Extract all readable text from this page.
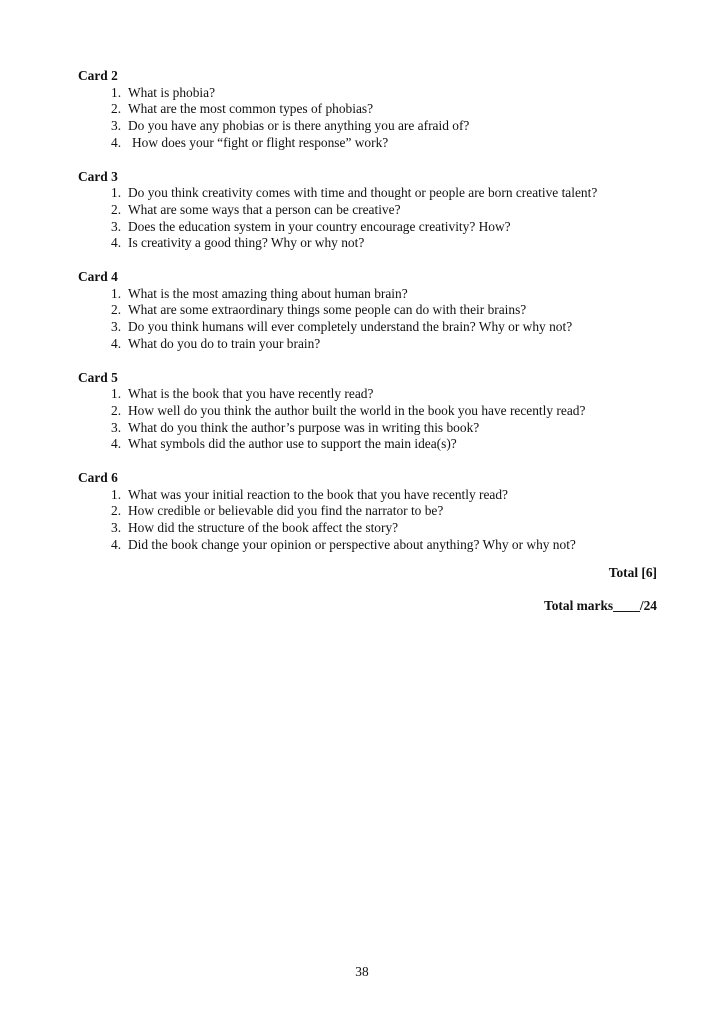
Card 2
1. What is phobia?
2. What are the most common types of phobias?
3. Do you have any phobias or is there anything you are afraid of?
4. How does your “fight or flight response” work?
Card 3
1. Do you think creativity comes with time and thought or people are born creative talent?
2. What are some ways that a person can be creative?
3. Does the education system in your country encourage creativity? How?
4. Is creativity a good thing? Why or why not?
Card 4
1. What is the most amazing thing about human brain?
2. What are some extraordinary things some people can do with their brains?
3. Do you think humans will ever completely understand the brain? Why or why not?
4. What do you do to train your brain?
Card 5
1. What is the book that you have recently read?
2. How well do you think the author built the world in the book you have recently read?
3. What do you think the author’s purpose was in writing this book?
4. What symbols did the author use to support the main idea(s)?
Card 6
1. What was your initial reaction to the book that you have recently read?
2. How credible or believable did you find the narrator to be?
3. How did the structure of the book affect the story?
4. Did the book change your opinion or perspective about anything? Why or why not?
Total [6]
Total marks____/24
38
